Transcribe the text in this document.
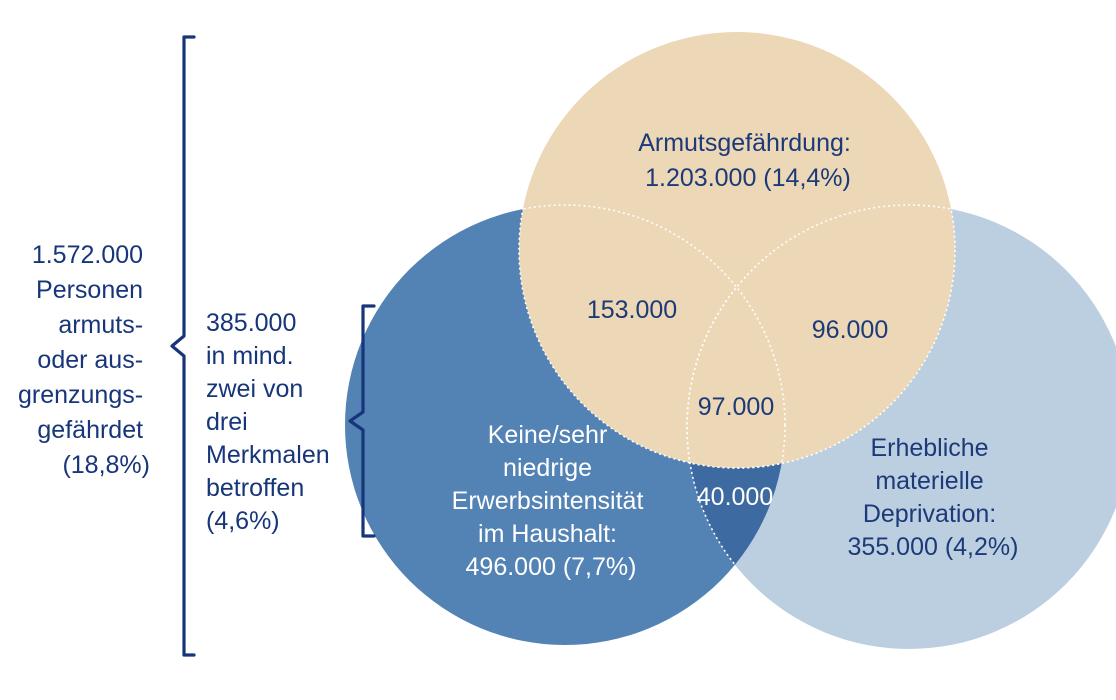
1.572.000 Personen armuts- oder aus- grenzungs- gefährdet (18,8%)
385.000 in mind. zwei von drei Merkmalen betroffen (4,6%)
Armutsgefährdung: 1.203.000 (14,4%)
Keine/sehr niedrige Erwerbsintensität im Haushalt: 496.000 (7,7%)
Erhebliche materielle Deprivation: 355.000 (4,2%)
153.000
96.000
97.000
40.000
